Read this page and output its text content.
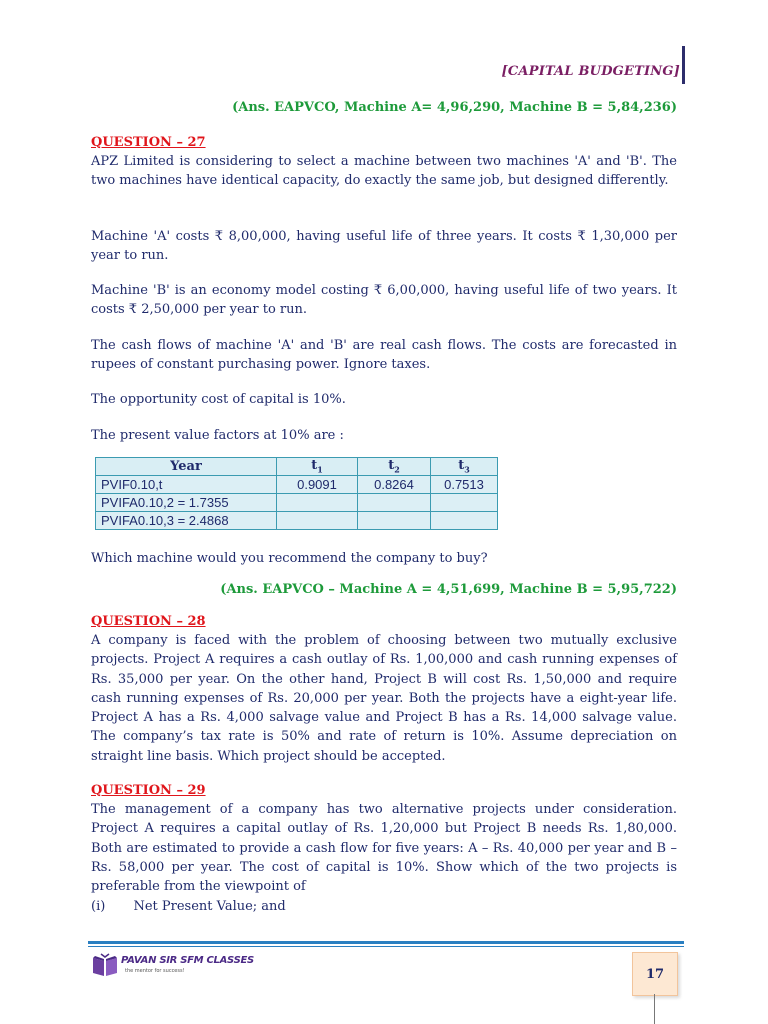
[CAPITAL BUDGETING]
(Ans. EAPVCO, Machine A= 4,96,290, Machine B = 5,84,236)
QUESTION – 27
APZ Limited is considering to select a machine between two machines 'A' and 'B'. The two machines have identical capacity, do exactly the same job, but designed differently.
Machine 'A' costs ₹ 8,00,000, having useful life of three years. It costs ₹ 1,30,000 per year to run.
Machine 'B' is an economy model costing ₹ 6,00,000, having useful life of two years. It costs ₹ 2,50,000 per year to run.
The cash flows of machine 'A' and 'B' are real cash flows. The costs are forecasted in rupees of constant purchasing power. Ignore taxes.
The opportunity cost of capital is 10%.
The present value factors at 10% are :
Year	$t_1$	$t_2$	$t_3$
PVIF0.10,t	0.9091	0.8264	0.7513
PVIFA0.10,2 = 1.7355			
PVIFA0.10,3 = 2.4868			
Which machine would you recommend the company to buy?
(Ans. EAPVCO – Machine A = 4,51,699, Machine B = 5,95,722)
QUESTION – 28
A company is faced with the problem of choosing between two mutually exclusive projects. Project A requires a cash outlay of Rs. 1,00,000 and cash running expenses of Rs. 35,000 per year. On the other hand, Project B will cost Rs. 1,50,000 and require cash running expenses of Rs. 20,000 per year. Both the projects have a eight-year life. Project A has a Rs. 4,000 salvage value and Project B has a Rs. 14,000 salvage value. The company’s tax rate is 50% and rate of return is 10%. Assume depreciation on straight line basis. Which project should be accepted.
QUESTION – 29
The management of a company has two alternative projects under consideration. Project A requires a capital outlay of Rs. 1,20,000 but Project B needs Rs. 1,80,000. Both are estimated to provide a cash flow for five years: A – Rs. 40,000 per year and B – Rs. 58,000 per year. The cost of capital is 10%. Show which of the two projects is preferable from the viewpoint of
(i) Net Present Value; and
PAVAN SIR SFM CLASSES
the mentor for success!	17
